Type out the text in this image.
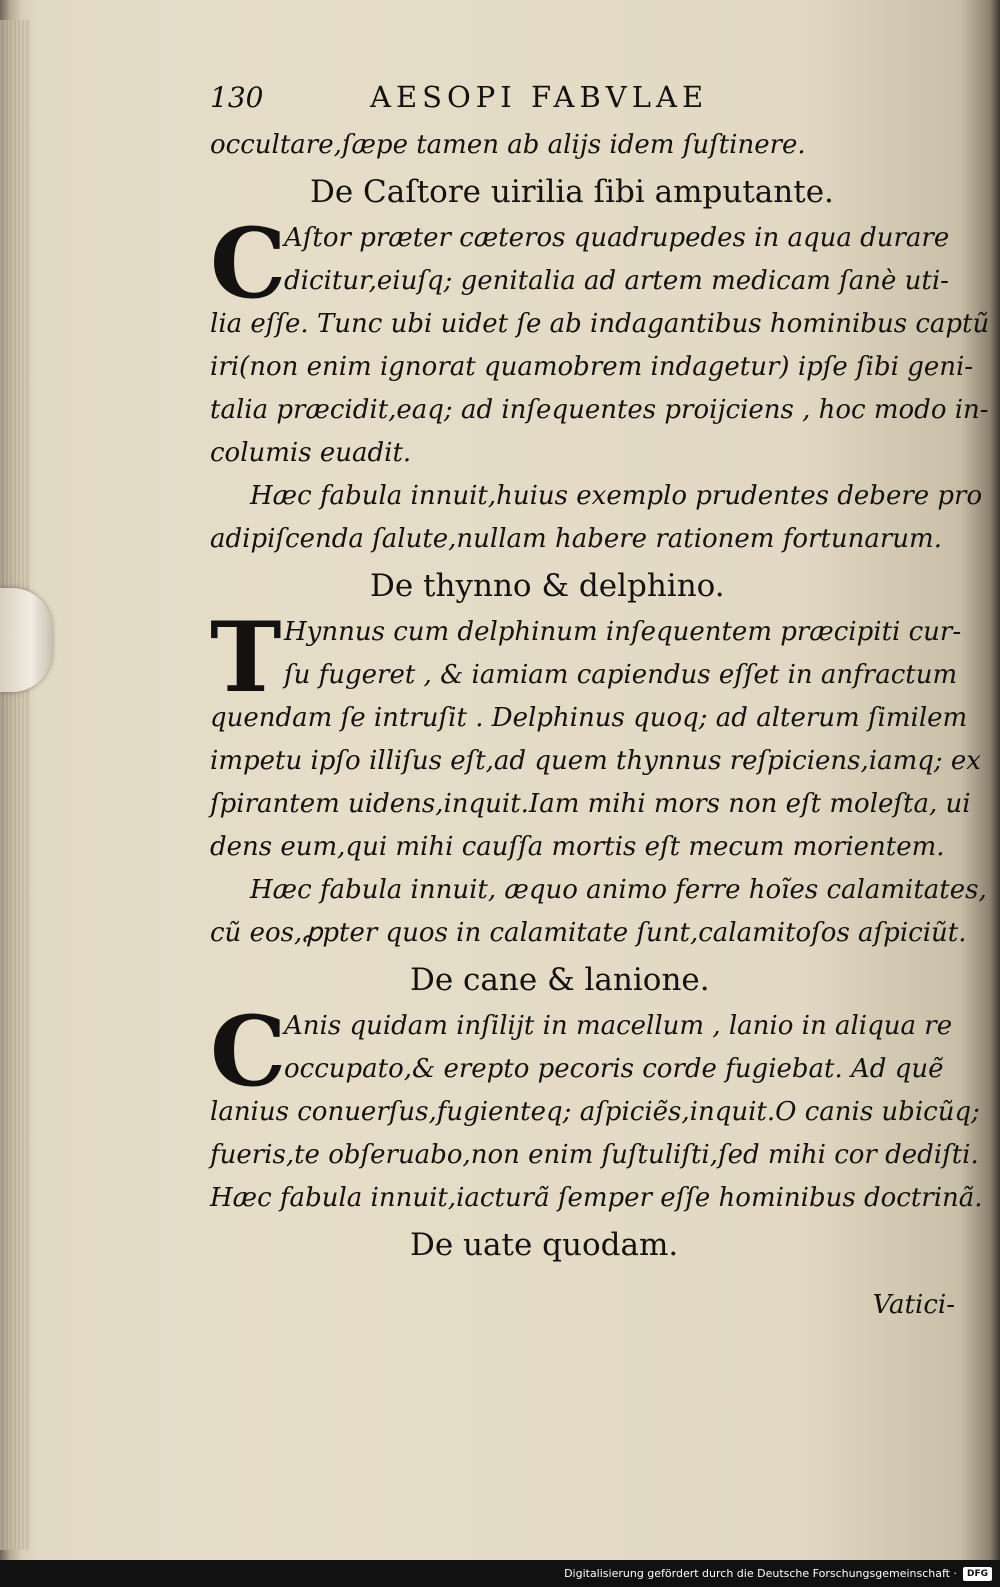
130	AESOPI FABVLAE

occultare,ſæpe tamen ab alijs idem ſuſtinere.

De Caſtore uirilia ſibi amputante.

C

Aſtor præter cæteros quadrupedes in aqua durare

dicitur,eiuſq; genitalia ad artem medicam ſanè uti-

lia eſſe. Tunc ubi uidet ſe ab indagantibus hominibus captũ

iri(non enim ignorat quamobrem indagetur) ipſe ſibi geni-

talia præcidit,eaq; ad inſequentes proijciens , hoc modo in-

columis euadit.

Hæc fabula innuit,huius exemplo prudentes debere pro

adipiſcenda ſalute,nullam habere rationem fortunarum.

De thynno & delphino.

T Hynnus cum delphinum inſequentem præcipiti cur-

ſu fugeret , & iamiam capiendus eſſet in anfractum

quendam ſe intruſit . Delphinus quoq; ad alterum ſimilem

impetu ipſo illiſus eſt,ad quem thynnus reſpiciens,iamq; ex

ſpirantem uidens,inquit.Iam mihi mors non eſt moleſta, ui

dens eum,qui mihi cauſſa mortis eſt mecum morientem.

Hæc fabula innuit, æquo animo ferre hoĩes calamitates,

cũ eos,ꝓpter quos in calamitate ſunt,calamitoſos aſpiciũt.

De cane & lanione.

C

Anis quidam inſilijt in macellum , lanio in aliqua re

occupato,& erepto pecoris corde fugiebat. Ad quẽ

lanius conuerſus,fugienteq; aſpiciẽs,inquit.O canis ubicũq;

fueris,te obſeruabo,non enim ſuſtuliſti,ſed mihi cor dediſti.

Hæc fabula innuit,iacturã ſemper eſſe hominibus doctrinã.

De uate quodam.

Vatici-

Digitalisierung gefördert durch die Deutsche Forschungsgemeinschaft ·	DFG
